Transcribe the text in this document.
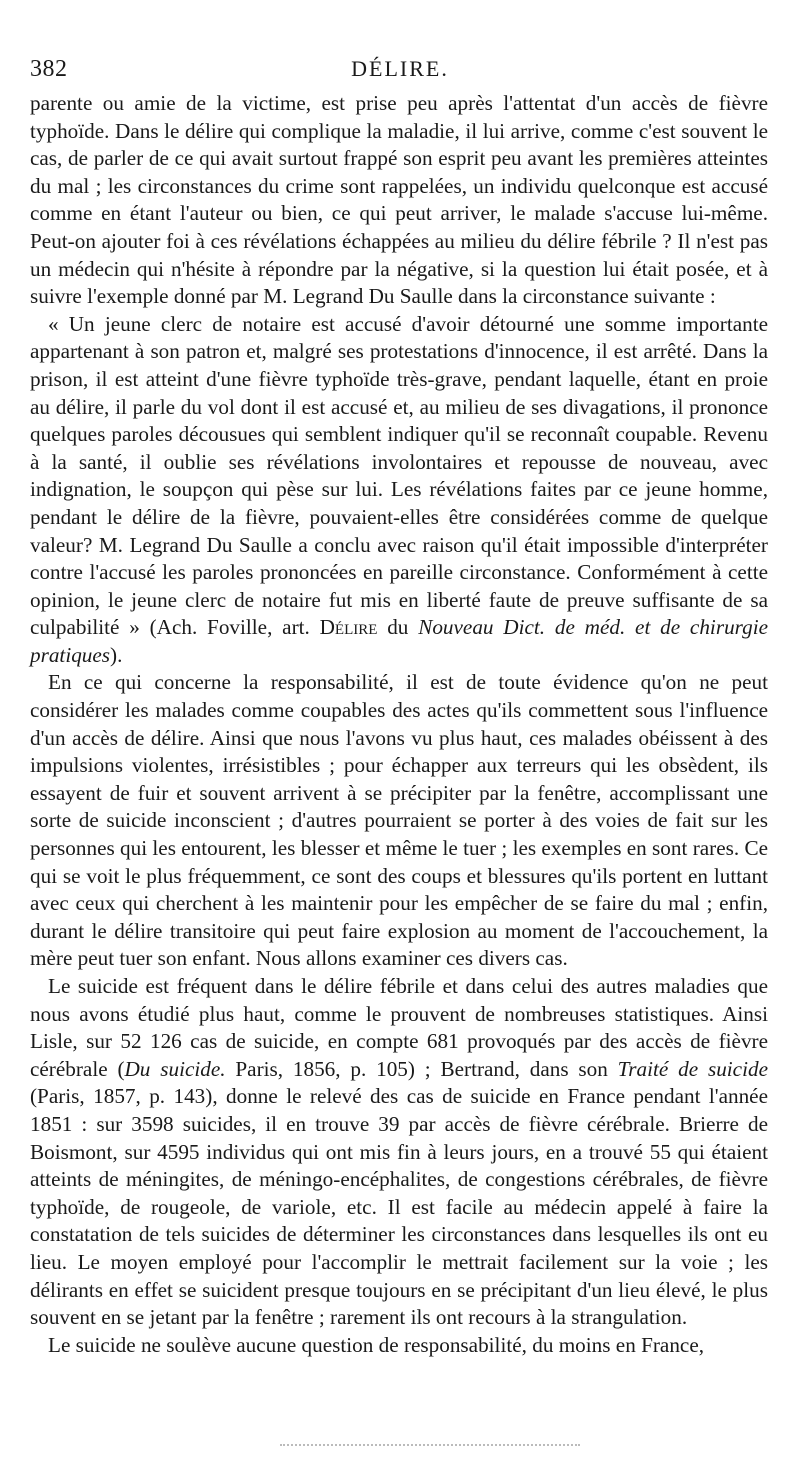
382	DÉLIRE.

parente ou amie de la victime, est prise peu après l'attentat d'un accès de fièvre typhoïde. Dans le délire qui complique la maladie, il lui arrive, comme c'est souvent le cas, de parler de ce qui avait surtout frappé son esprit peu avant les premières atteintes du mal ; les circonstances du crime sont rappelées, un individu quelconque est accusé comme en étant l'auteur ou bien, ce qui peut arriver, le malade s'accuse lui-même. Peut-on ajouter foi à ces révélations échappées au milieu du délire fébrile ? Il n'est pas un médecin qui n'hésite à répondre par la négative, si la question lui était posée, et à suivre l'exemple donné par M. Legrand Du Saulle dans la circonstance suivante :

« Un jeune clerc de notaire est accusé d'avoir détourné une somme importante appartenant à son patron et, malgré ses protestations d'innocence, il est arrêté. Dans la prison, il est atteint d'une fièvre typhoïde très-grave, pendant laquelle, étant en proie au délire, il parle du vol dont il est accusé et, au milieu de ses divagations, il prononce quelques paroles décousues qui semblent indiquer qu'il se reconnaît coupable. Revenu à la santé, il oublie ses révélations involontaires et repousse de nouveau, avec indignation, le soupçon qui pèse sur lui. Les révélations faites par ce jeune homme, pendant le délire de la fièvre, pouvaient-elles être considérées comme de quelque valeur? M. Legrand Du Saulle a conclu avec raison qu'il était impossible d'interpréter contre l'accusé les paroles prononcées en pareille circonstance. Conformément à cette opinion, le jeune clerc de notaire fut mis en liberté faute de preuve suffisante de sa culpabilité » (Ach. Foville, art. Délire du Nouveau Dict. de méd. et de chirurgie pratiques).

En ce qui concerne la responsabilité, il est de toute évidence qu'on ne peut considérer les malades comme coupables des actes qu'ils commettent sous l'influence d'un accès de délire. Ainsi que nous l'avons vu plus haut, ces malades obéissent à des impulsions violentes, irrésistibles ; pour échapper aux terreurs qui les obsèdent, ils essayent de fuir et souvent arrivent à se précipiter par la fenêtre, accomplissant une sorte de suicide inconscient ; d'autres pourraient se porter à des voies de fait sur les personnes qui les entourent, les blesser et même le tuer ; les exemples en sont rares. Ce qui se voit le plus fréquemment, ce sont des coups et blessures qu'ils portent en luttant avec ceux qui cherchent à les maintenir pour les empêcher de se faire du mal ; enfin, durant le délire transitoire qui peut faire explosion au moment de l'accouchement, la mère peut tuer son enfant. Nous allons examiner ces divers cas.

Le suicide est fréquent dans le délire fébrile et dans celui des autres maladies que nous avons étudié plus haut, comme le prouvent de nombreuses statistiques. Ainsi Lisle, sur 52 126 cas de suicide, en compte 681 provoqués par des accès de fièvre cérébrale (Du suicide. Paris, 1856, p. 105) ; Bertrand, dans son Traité de suicide (Paris, 1857, p. 143), donne le relevé des cas de suicide en France pendant l'année 1851 : sur 3598 suicides, il en trouve 39 par accès de fièvre cérébrale. Brierre de Boismont, sur 4595 individus qui ont mis fin à leurs jours, en a trouvé 55 qui étaient atteints de méningites, de méningo-encéphalites, de congestions cérébrales, de fièvre typhoïde, de rougeole, de variole, etc. Il est facile au médecin appelé à faire la constatation de tels suicides de déterminer les circonstances dans lesquelles ils ont eu lieu. Le moyen employé pour l'accomplir le mettrait facilement sur la voie ; les délirants en effet se suicident presque toujours en se précipitant d'un lieu élevé, le plus souvent en se jetant par la fenêtre ; rarement ils ont recours à la strangulation.

Le suicide ne soulève aucune question de responsabilité, du moins en France,
